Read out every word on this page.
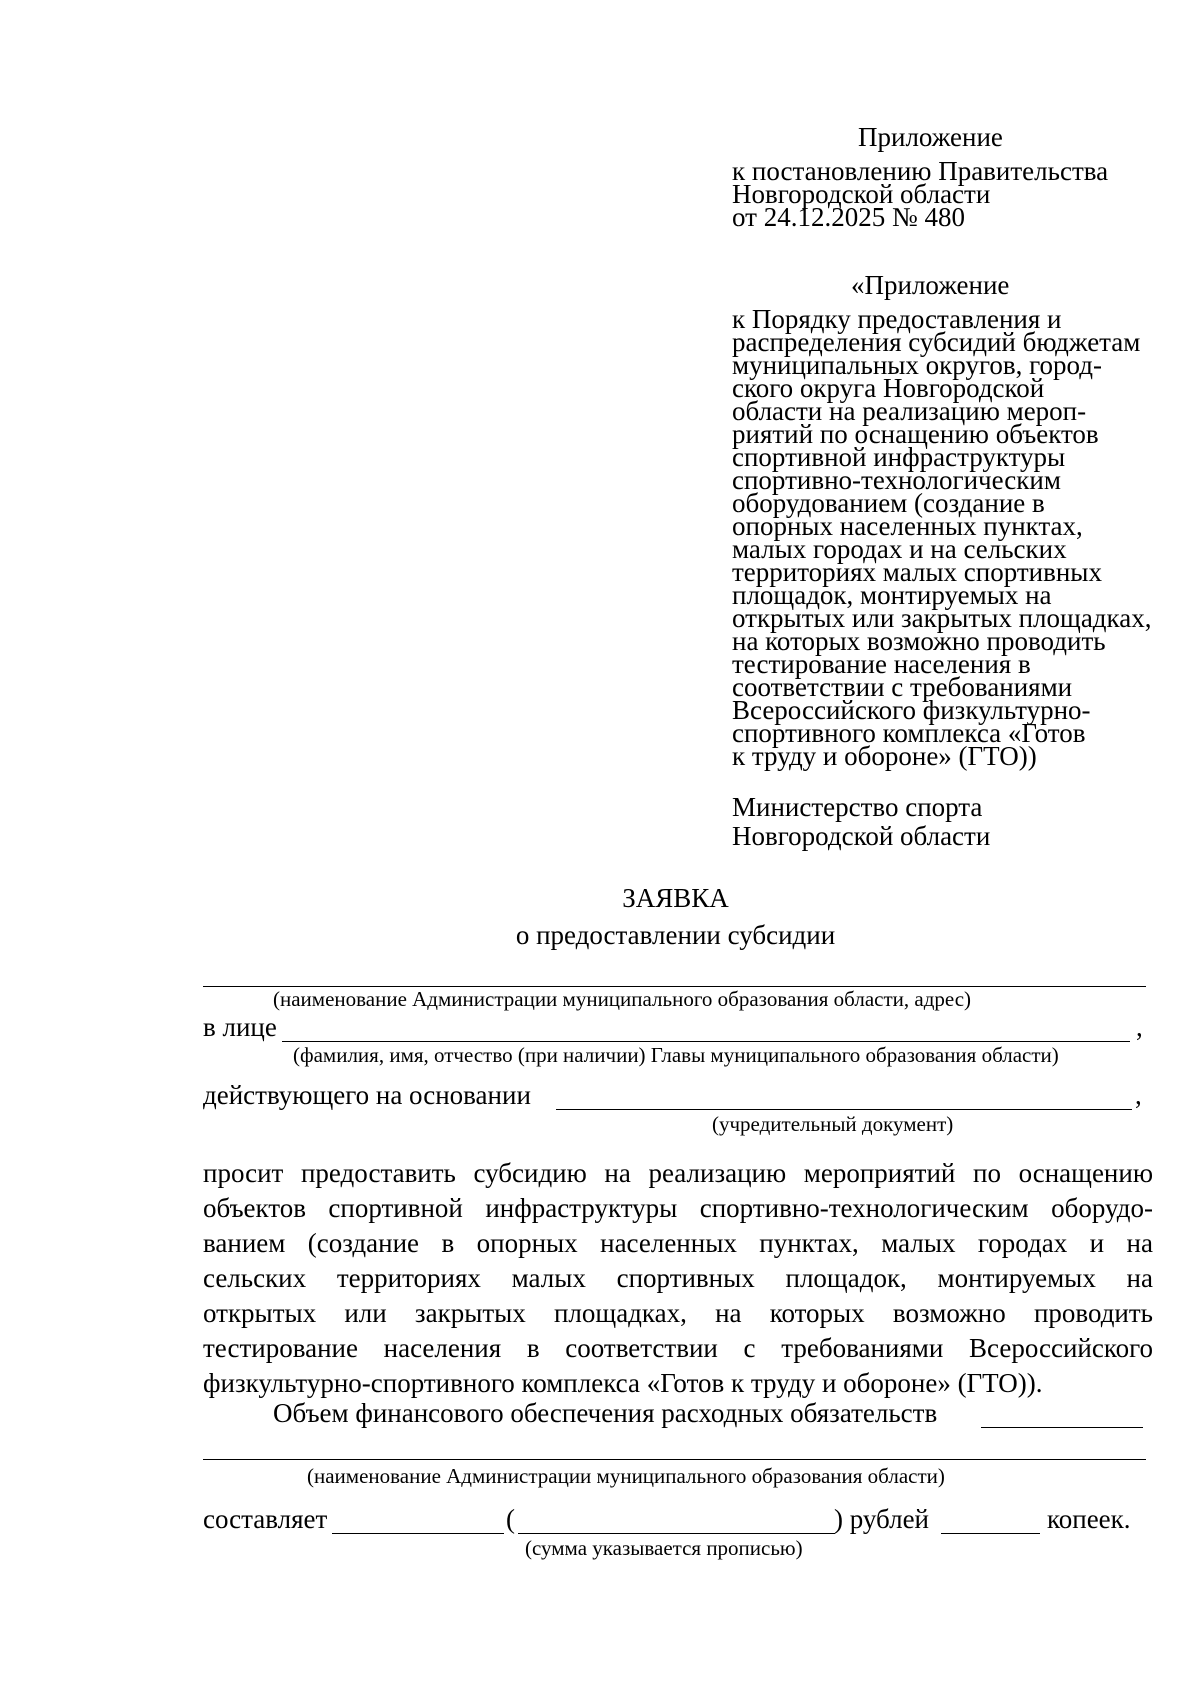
Приложение
к постановлению Правительства
Новгородской области
от 24.12.2025 № 480
«Приложение
к Порядку предоставления и
распределения субсидий бюджетам
муниципальных округов, город-
ского округа Новгородской
области на реализацию мероп-
риятий по оснащению объектов
спортивной инфраструктуры
спортивно-технологическим
оборудованием (создание в
опорных населенных пунктах,
малых городах и на сельских
территориях малых спортивных
площадок, монтируемых на
открытых или закрытых площадках,
на которых возможно проводить
тестирование населения в
соответствии с требованиями
Всероссийского физкультурно-
спортивного комплекса «Готов
к труду и обороне» (ГТО))
Министерство спорта
Новгородской области
ЗАЯВКА
о предоставлении субсидии
(наименование Администрации муниципального образования области, адрес)
в лице	,
(фамилия, имя, отчество (при наличии) Главы муниципального образования области)
действующего на основании	,
(учредительный документ)
просит предоставить субсидию на реализацию мероприятий по оснащению
объектов спортивной инфраструктуры спортивно-технологическим оборудо-
ванием (создание в опорных населенных пунктах, малых городах и на
сельских территориях малых спортивных площадок, монтируемых на
открытых или закрытых площадках, на которых возможно проводить
тестирование населения в соответствии с требованиями Всероссийского
физкультурно-спортивного комплекса «Готов к труду и обороне» (ГТО)).
Объем финансового обеспечения расходных обязательств
(наименование Администрации муниципального образования области)
составляет	(	) рублей	копеек.
(сумма указывается прописью)
